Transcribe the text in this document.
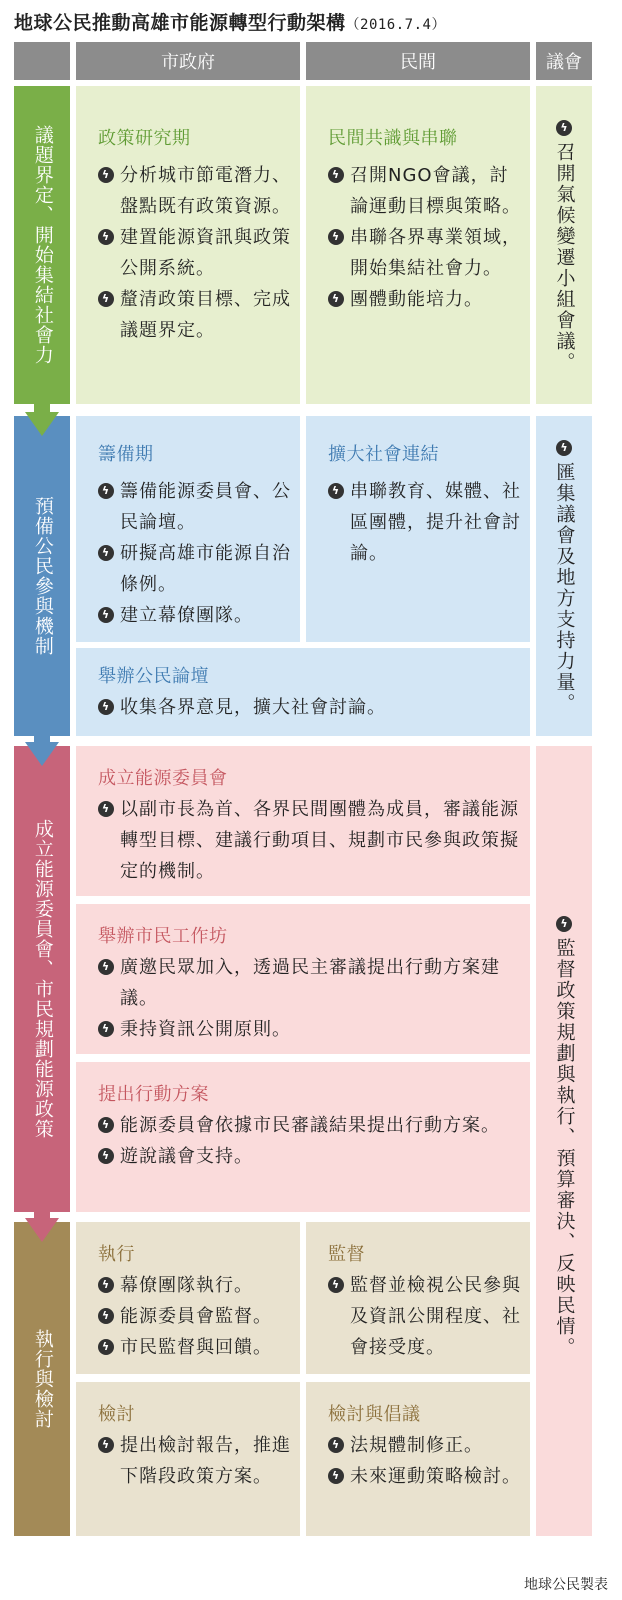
地球公民推動高雄市能源轉型行動架構（2016.7.4）
市政府	民間	議會
議題界定、開始集結社會力
預備公民參與機制
成立能源委員會、市民規劃能源政策
執行與檢討
政策研究期
ϟ 分析城市節電潛力、盤點既有政策資源。
ϟ 建置能源資訊與政策公開系統。
ϟ 釐清政策目標、完成議題界定。
民間共識與串聯
ϟ 召開NGO會議，討論運動目標與策略。
ϟ 串聯各界專業領域，開始集結社會力。
ϟ 團體動能培力。
ϟ
召開氣候變遷小組會議。
籌備期
ϟ 籌備能源委員會、公民論壇。
ϟ 研擬高雄市能源自治條例。
ϟ 建立幕僚團隊。
擴大社會連結
ϟ 串聯教育、媒體、社區團體，提升社會討論。
舉辦公民論壇
ϟ 收集各界意見，擴大社會討論。
ϟ
匯集議會及地方支持力量。
成立能源委員會
ϟ 以副市長為首、各界民間團體為成員，審議能源轉型目標、建議行動項目、規劃市民參與政策擬定的機制。
舉辦市民工作坊
ϟ 廣邀民眾加入，透過民主審議提出行動方案建議。
ϟ 秉持資訊公開原則。
提出行動方案
ϟ 能源委員會依據市民審議結果提出行動方案。
ϟ 遊說議會支持。
ϟ
監督政策規劃與執行、預算審決、反映民情。
執行
ϟ 幕僚團隊執行。
ϟ 能源委員會監督。
ϟ 市民監督與回饋。
監督
ϟ 監督並檢視公民參與及資訊公開程度、社會接受度。
檢討
ϟ 提出檢討報告，推進下階段政策方案。
檢討與倡議
ϟ 法規體制修正。
ϟ 未來運動策略檢討。
地球公民製表
